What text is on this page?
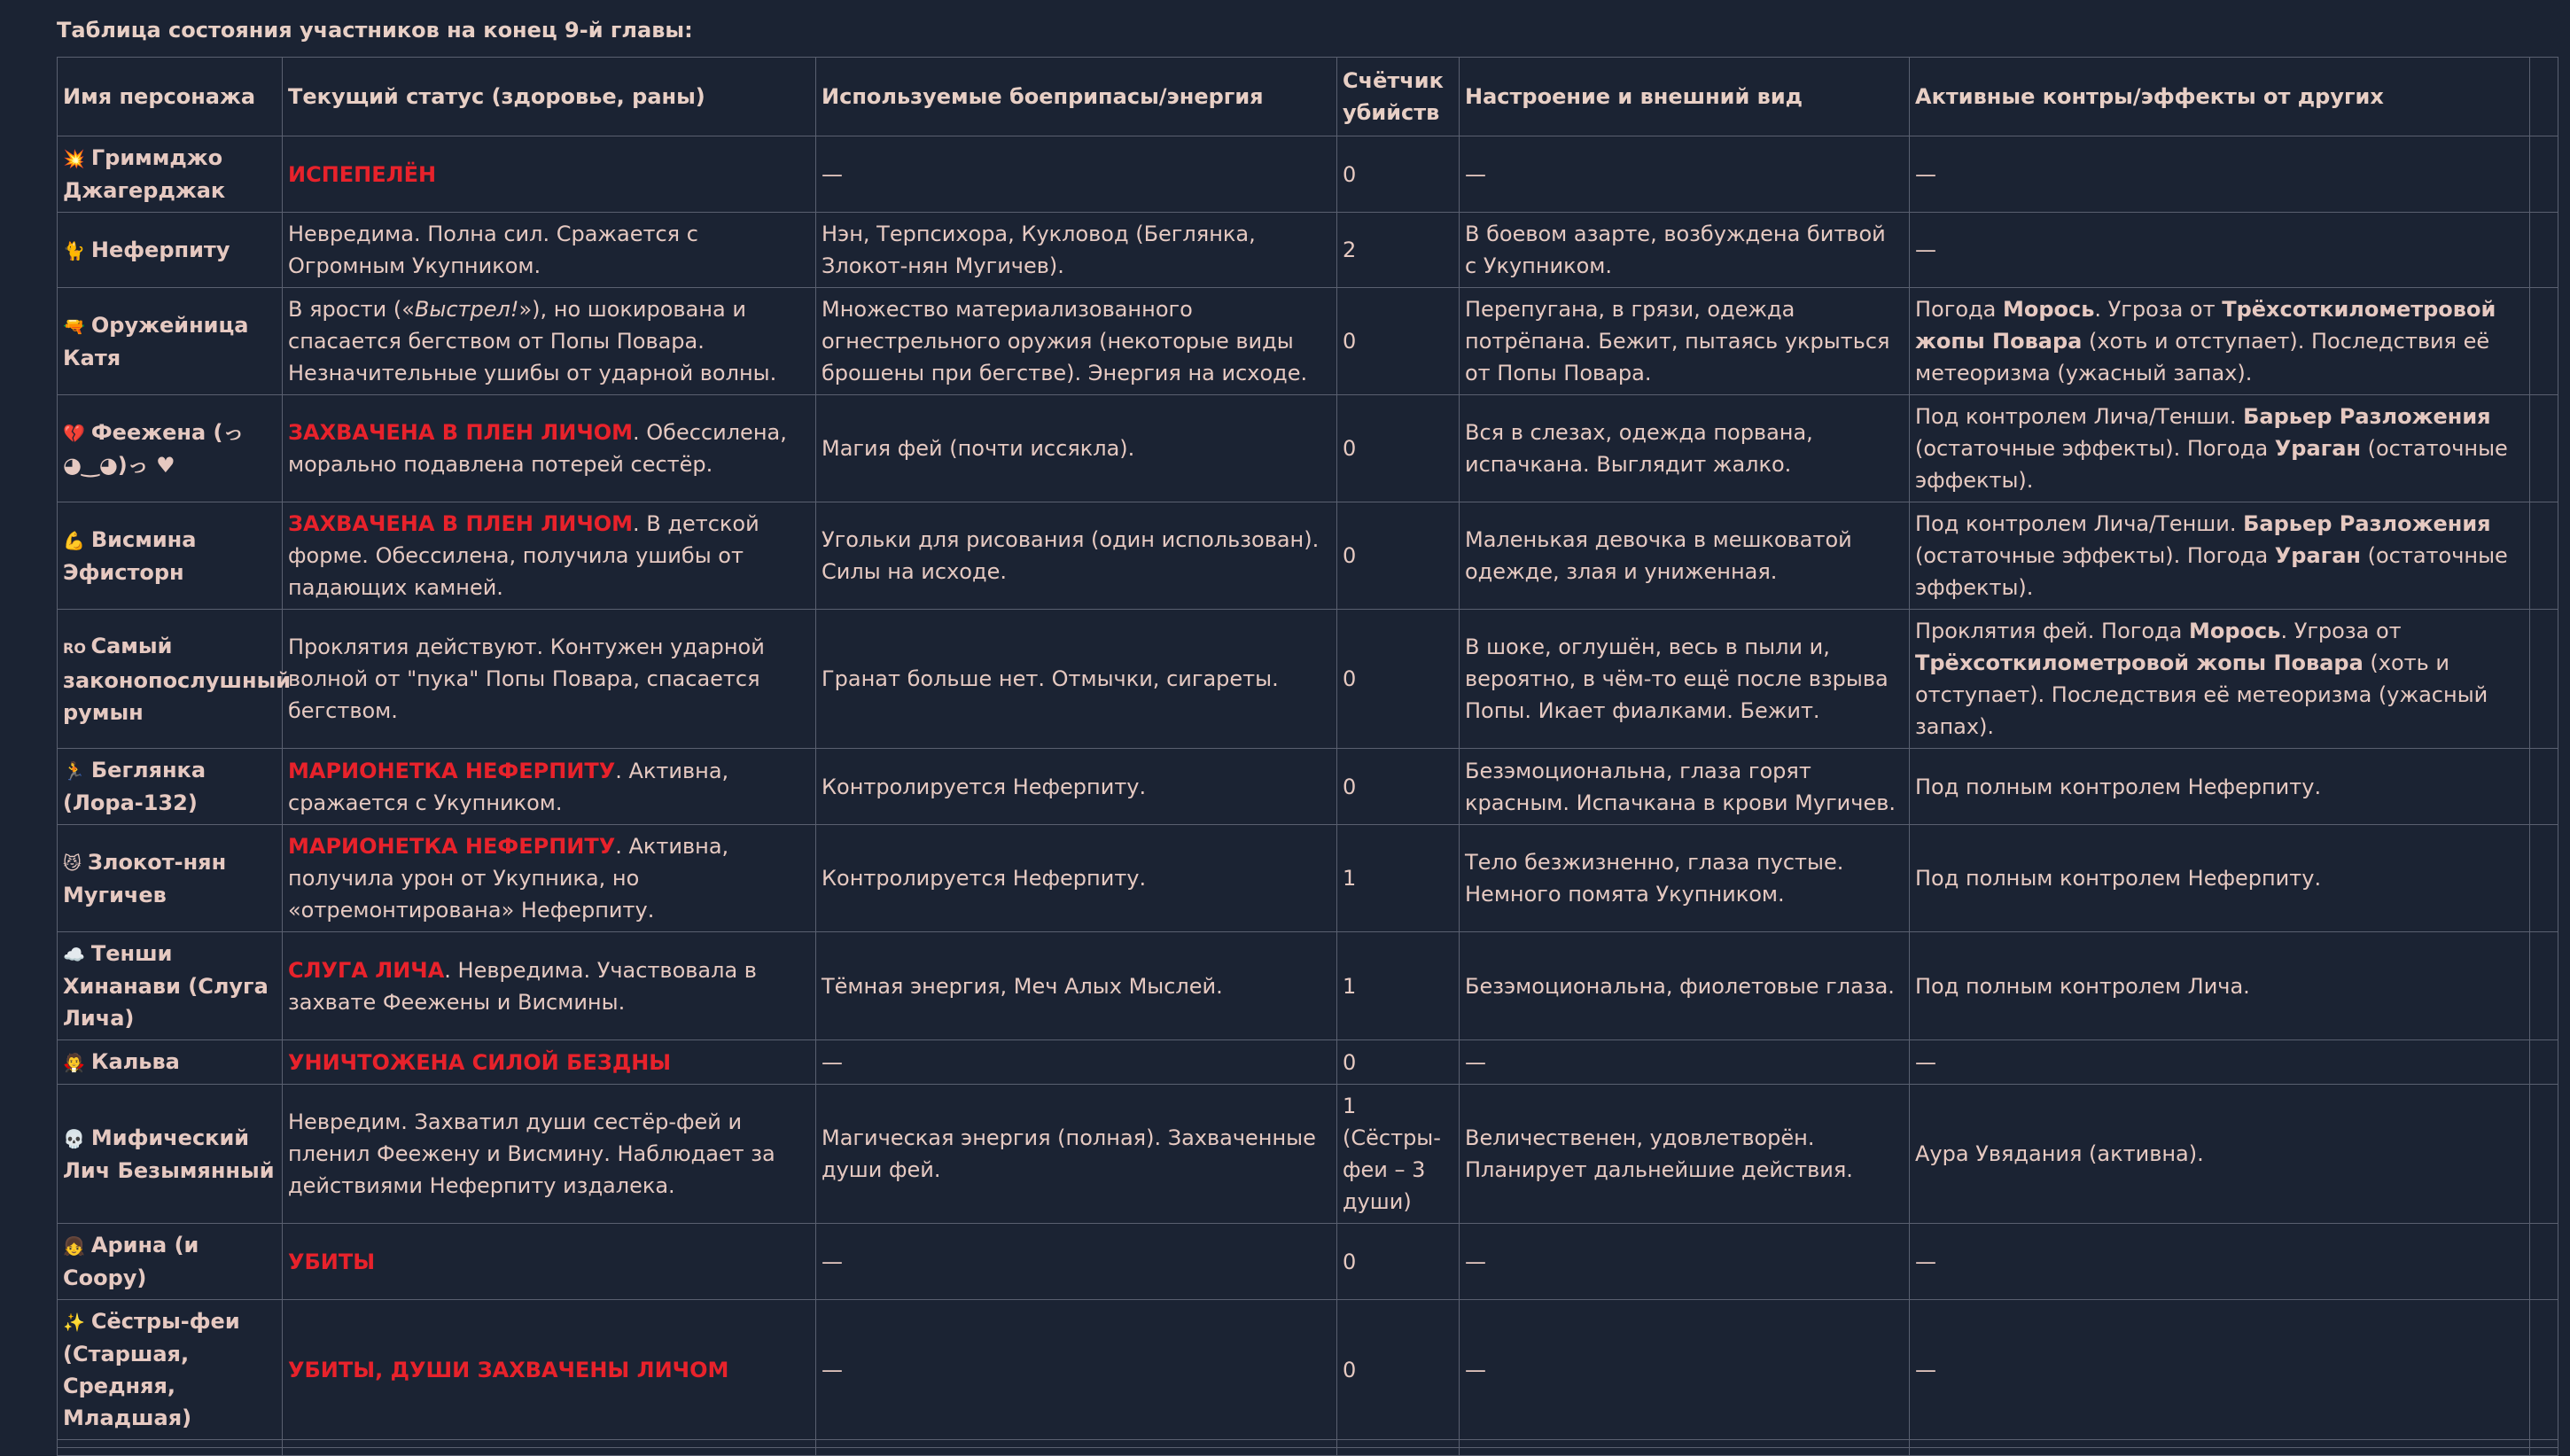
Таблица состояния участников на конец 9-й главы:
Имя персонажа	Текущий статус (здоровье, раны)	Используемые боеприпасы/энергия	Счётчик убийств	Настроение и внешний вид	Активные контры/эффекты от других	
💥 Гриммджо Джагерджак	ИСПЕПЕЛЁН	—	0	—	—	
🐈 Неферпиту	Невредима. Полна сил. Сражается с Огромным Укупником.	Нэн, Терпсихора, Кукловод (Беглянка, Злокот-нян Мугичев).	2	В боевом азарте, возбуждена битвой с Укупником.	—	
🔫 Оружейница Катя	В ярости («Выстрел!»), но шокирована и спасается бегством от Попы Повара. Незначительные ушибы от ударной волны.	Множество материализованного огнестрельного оружия (некоторые виды брошены при бегстве). Энергия на исходе.	0	Перепугана, в грязи, одежда потрёпана. Бежит, пытаясь укрыться от Попы Повара.	Погода Морось. Угроза от Трёхсоткилометровой жопы Повара (хоть и отступает). Последствия её метеоризма (ужасный запах).	
💔 Феежена (っ◕‿◕)っ ♥	ЗАХВАЧЕНА В ПЛЕН ЛИЧОМ. Обессилена, морально подавлена потерей сестёр.	Магия фей (почти иссякла).	0	Вся в слезах, одежда порвана, испачкана. Выглядит жалко.	Под контролем Лича/Тенши. Барьер Разложения (остаточные эффекты). Погода Ураган (остаточные эффекты).	
💪 Висмина Эфисторн	ЗАХВАЧЕНА В ПЛЕН ЛИЧОМ. В детской форме. Обессилена, получила ушибы от падающих камней.	Угольки для рисования (один использован). Силы на исходе.	0	Маленькая девочка в мешковатой одежде, злая и униженная.	Под контролем Лича/Тенши. Барьер Разложения (остаточные эффекты). Погода Ураган (остаточные эффекты).	
RO Самый законопослушный румын	Проклятия действуют. Контужен ударной волной от "пука" Попы Повара, спасается бегством.	Гранат больше нет. Отмычки, сигареты.	0	В шоке, оглушён, весь в пыли и, вероятно, в чём-то ещё после взрыва Попы. Икает фиалками. Бежит.	Проклятия фей. Погода Морось. Угроза от Трёхсоткилометровой жопы Повара (хоть и отступает). Последствия её метеоризма (ужасный запах).	
🏃 Беглянка (Лора-132)	МАРИОНЕТКА НЕФЕРПИТУ. Активна, сражается с Укупником.	Контролируется Неферпиту.	0	Безэмоциональна, глаза горят красным. Испачкана в крови Мугичев.	Под полным контролем Неферпиту.	
😼 Злокот-нян Мугичев	МАРИОНЕТКА НЕФЕРПИТУ. Активна, получила урон от Укупника, но «отремонтирована» Неферпиту.	Контролируется Неферпиту.	1	Тело безжизненно, глаза пустые. Немного помята Укупником.	Под полным контролем Неферпиту.	
☁️ Тенши Хинанави (Слуга Лича)	СЛУГА ЛИЧА. Невредима. Участвовала в захвате Феежены и Висмины.	Тёмная энергия, Меч Алых Мыслей.	1	Безэмоциональна, фиолетовые глаза.	Под полным контролем Лича.	
🧛 Кальва	УНИЧТОЖЕНА СИЛОЙ БЕЗДНЫ	—	0	—	—	
💀 Мифический Лич Безымянный	Невредим. Захватил души сестёр-фей и пленил Феежену и Висмину. Наблюдает за действиями Неферпиту издалека.	Магическая энергия (полная). Захваченные души фей.	1 (Сёстры-феи – 3 души)	Величественен, удовлетворён. Планирует дальнейшие действия.	Аура Увядания (активна).	
👧 Арина (и Соору)	УБИТЫ	—	0	—	—	
✨ Сёстры-феи (Старшая, Средняя, Младшая)	УБИТЫ, ДУШИ ЗАХВАЧЕНЫ ЛИЧОМ	—	0	—	—	
